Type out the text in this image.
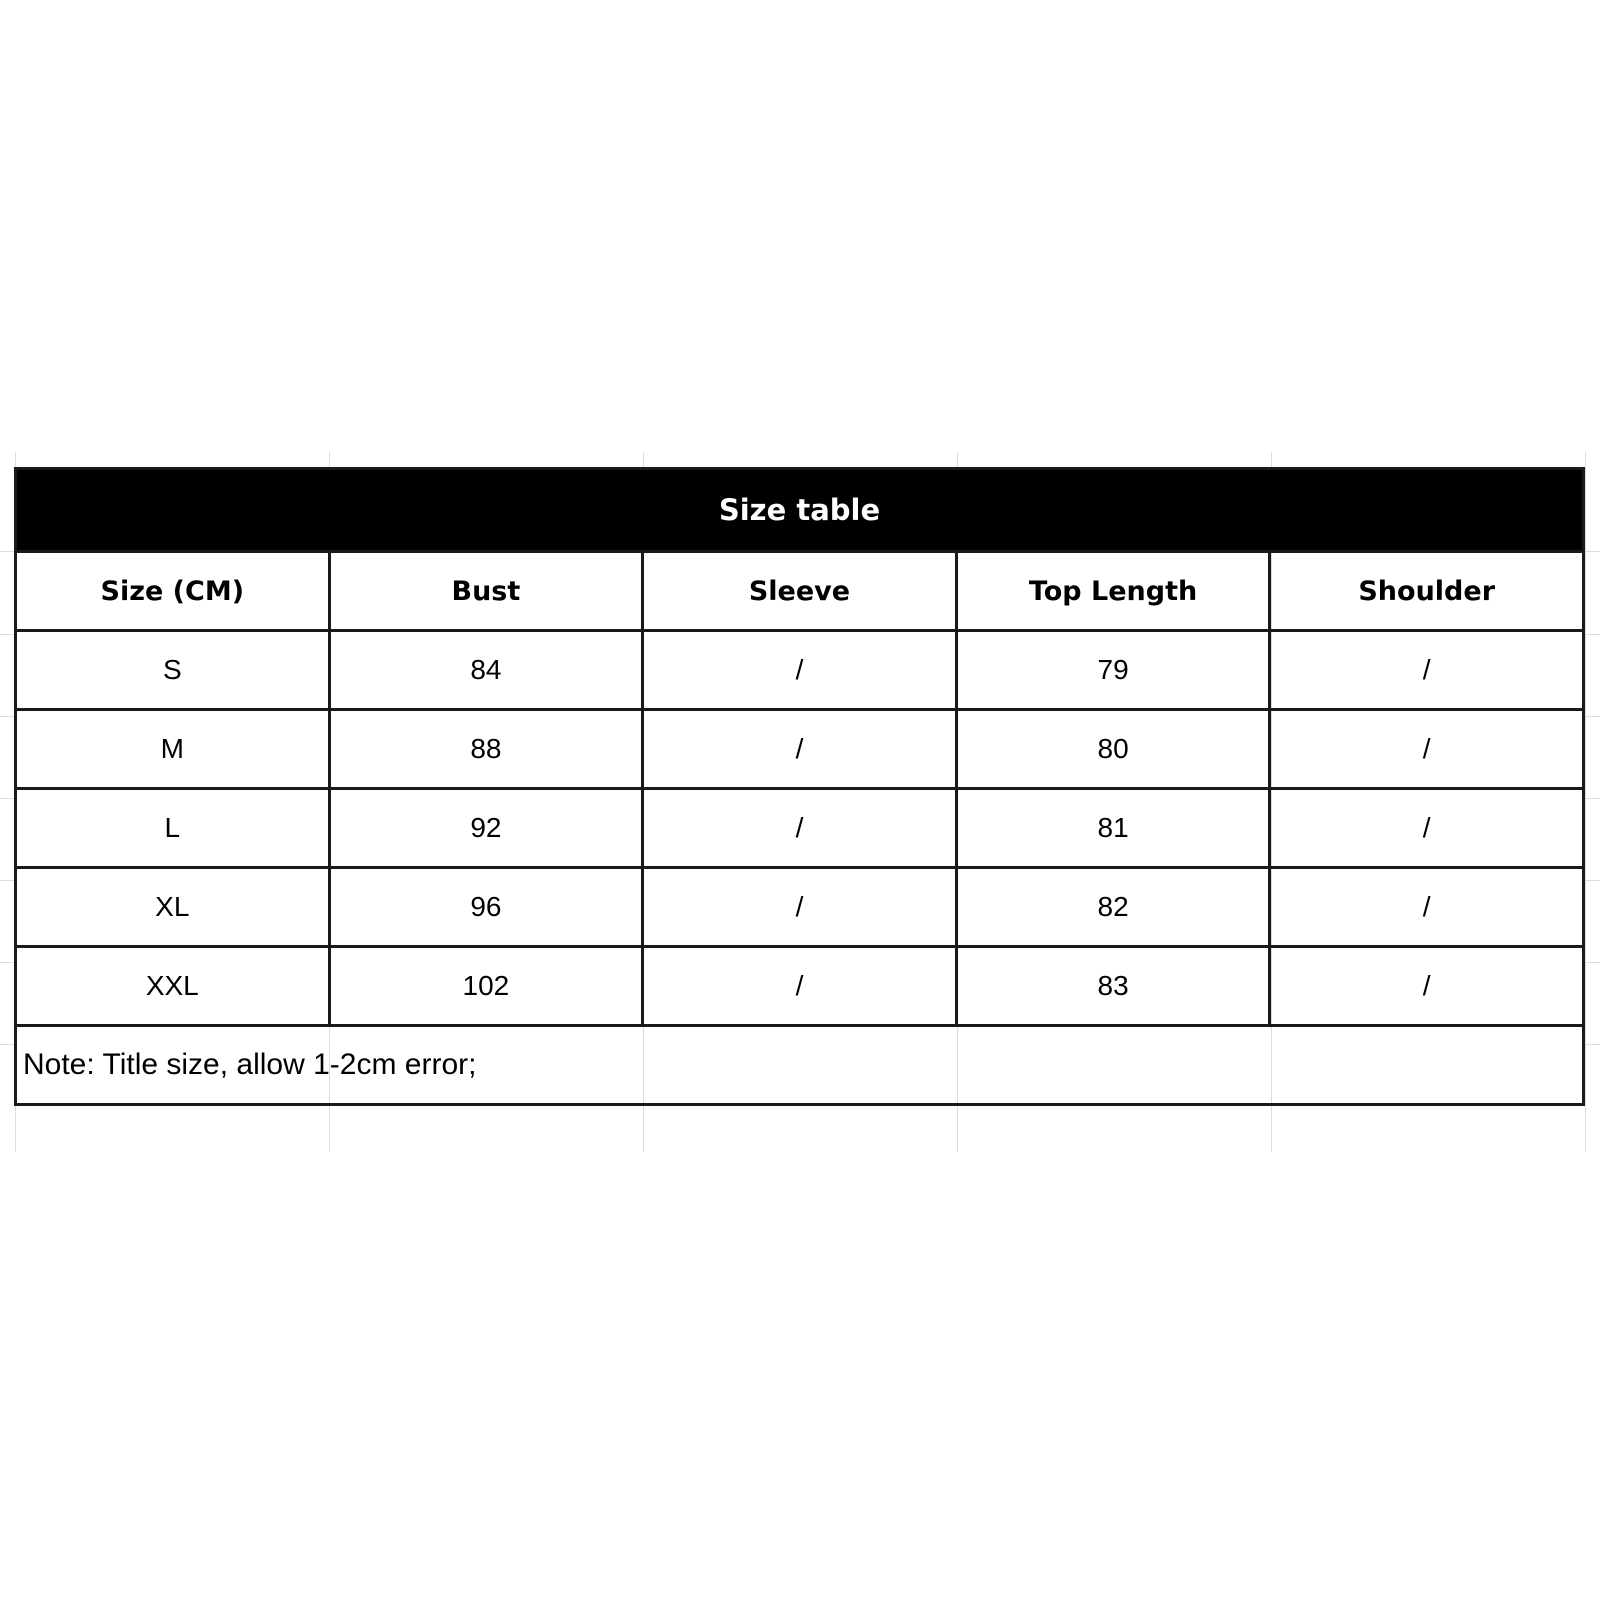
Size table				
Size (CM)	Bust	Sleeve	Top Length	Shoulder
S	84	/	79	/
M	88	/	80	/
L	92	/	81	/
XL	96	/	82	/
XXL	102	/	83	/
Note: Title size, allow 1-2cm error;				
